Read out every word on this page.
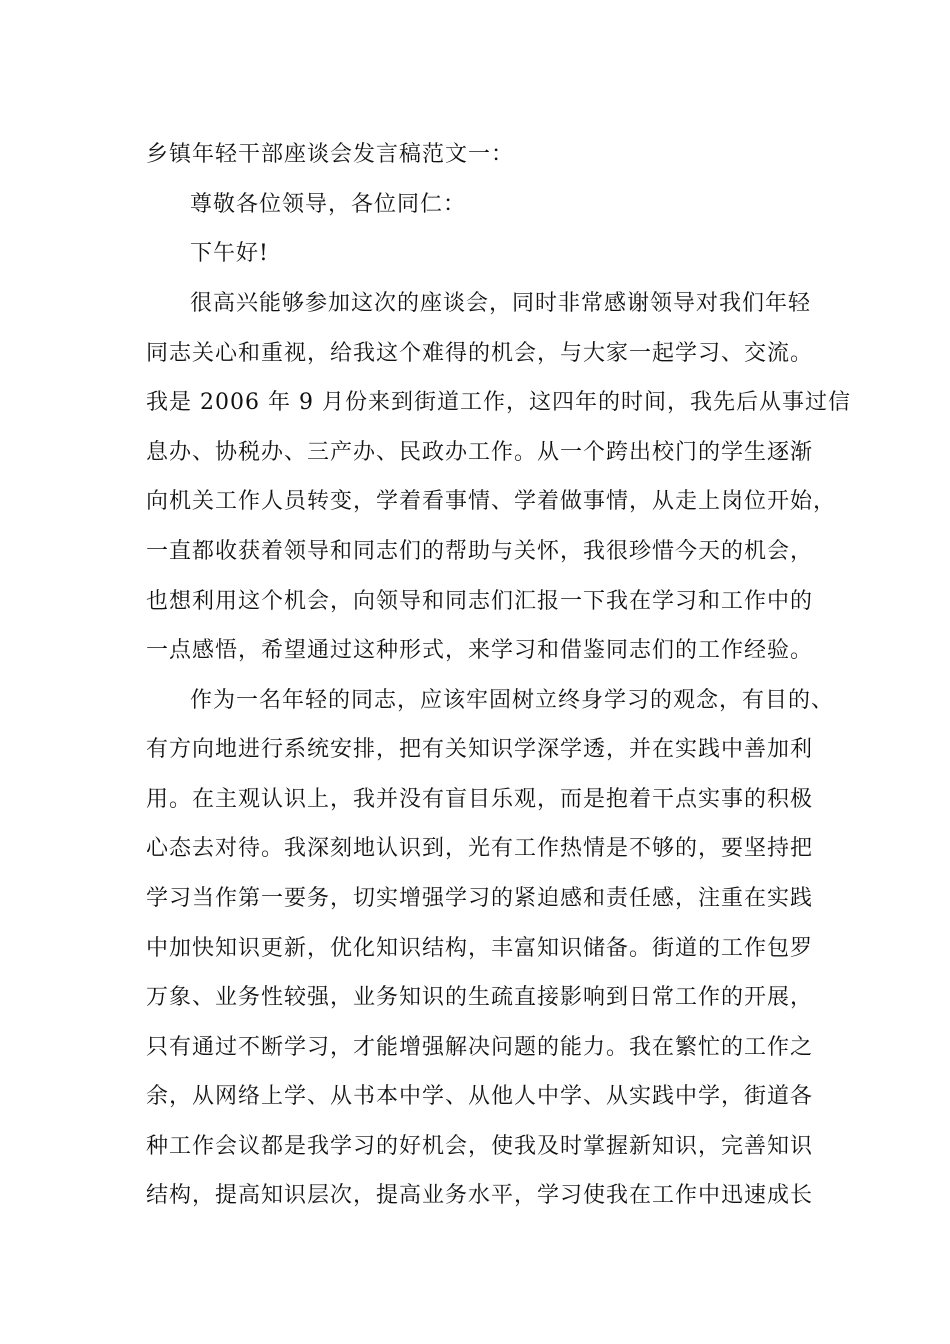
乡镇年轻干部座谈会发言稿范文一：
尊敬各位领导，各位同仁：
下午好!
很高兴能够参加这次的座谈会，同时非常感谢领导对我们年轻
同志关心和重视，给我这个难得的机会，与大家一起学习、交流。
我是 2006 年 9 月份来到街道工作，这四年的时间，我先后从事过信
息办、协税办、三产办、民政办工作。从一个跨出校门的学生逐渐
向机关工作人员转变，学着看事情、学着做事情，从走上岗位开始，
一直都收获着领导和同志们的帮助与关怀，我很珍惜今天的机会，
也想利用这个机会，向领导和同志们汇报一下我在学习和工作中的
一点感悟，希望通过这种形式，来学习和借鉴同志们的工作经验。
作为一名年轻的同志，应该牢固树立终身学习的观念，有目的、
有方向地进行系统安排，把有关知识学深学透，并在实践中善加利
用。在主观认识上，我并没有盲目乐观，而是抱着干点实事的积极
心态去对待。我深刻地认识到，光有工作热情是不够的，要坚持把
学习当作第一要务，切实增强学习的紧迫感和责任感，注重在实践
中加快知识更新，优化知识结构，丰富知识储备。街道的工作包罗
万象、业务性较强，业务知识的生疏直接影响到日常工作的开展，
只有通过不断学习，才能增强解决问题的能力。我在繁忙的工作之
余，从网络上学、从书本中学、从他人中学、从实践中学，街道各
种工作会议都是我学习的好机会，使我及时掌握新知识，完善知识
结构，提高知识层次，提高业务水平，学习使我在工作中迅速成长
